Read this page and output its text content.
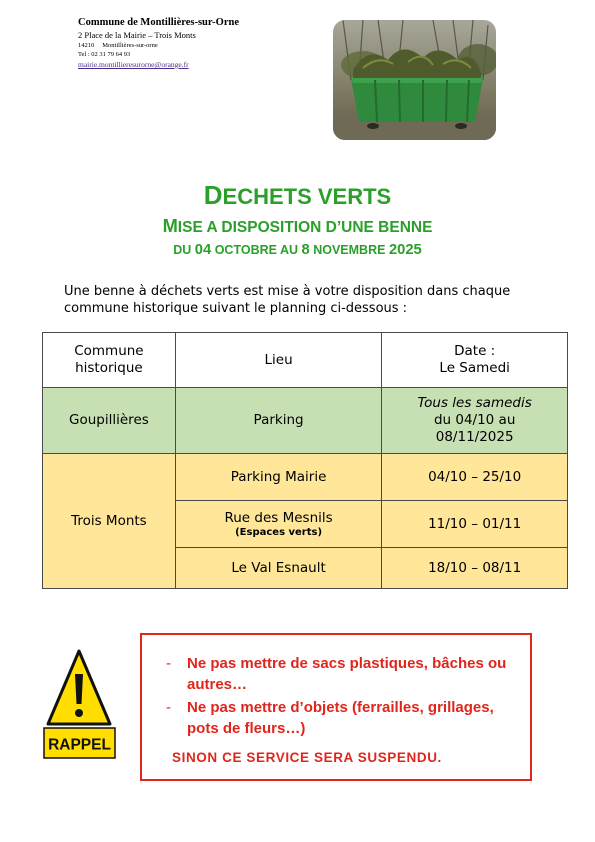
Commune de Montillières-sur-Orne
2 Place de la Mairie – Trois Monts
14210 Montillières-sur-orne
Tel : 02 31 79 64 93
mairie.montillieresurorne@orange.fr
DECHETS VERTS
MISE A DISPOSITION D’UNE BENNE
DU 04 OCTOBRE AU 8 NOVEMBRE 2025

Une benne à déchets verts est mise à votre disposition dans chaque commune historique suivant le planning ci-dessous :

Commune
historique	Lieu	Date :
Le Samedi
Goupillières	Parking	Tous les samedis
du 04/10 au
08/11/2025
Trois Monts	Parking Mairie	04/10 – 25/10
	Rue des Mesnils
(Espaces verts)	11/10 – 01/11
	Le Val Esnault	18/10 – 08/11
RAPPEL
- Ne pas mettre de sacs plastiques, bâches ou autres…
- Ne pas mettre d’objets (ferrailles, grillages, pots de fleurs…)
SINON CE SERVICE SERA SUSPENDU.
